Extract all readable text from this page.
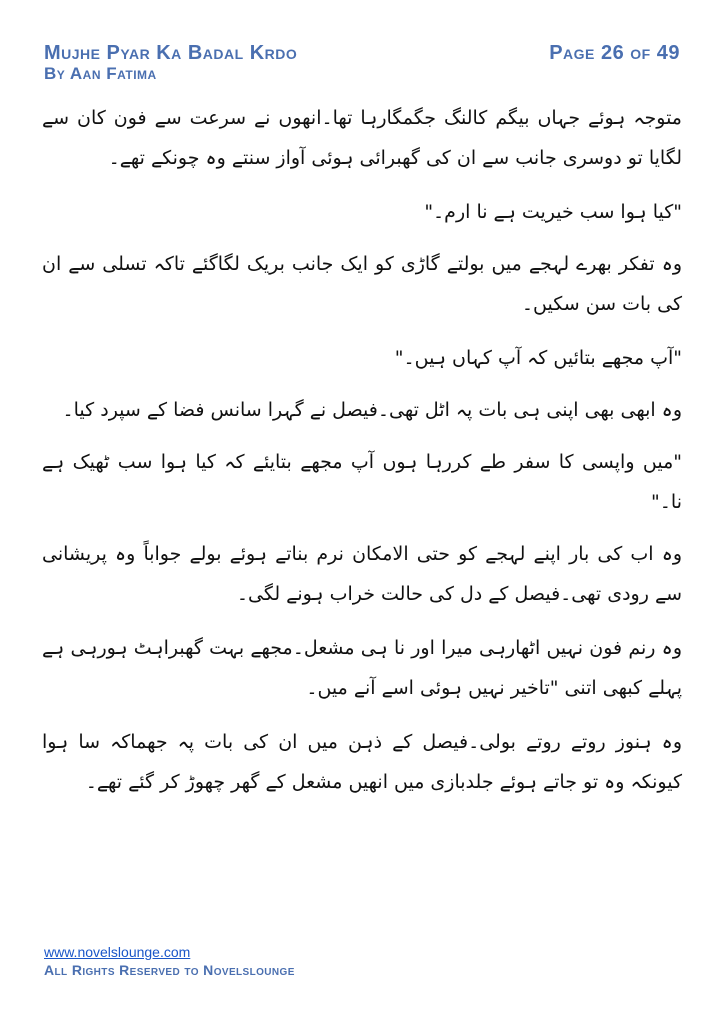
Mujhe Pyar Ka Badal Krdo
By Aan Fatima
Page 26 of 49

متوجہ ہوئے جہاں بیگم کالنگ جگمگارہا تھا۔انھوں نے سرعت سے فون کان سے لگایا تو دوسری جانب سے ان کی گھبرائی ہوئی آواز سنتے وہ چونکے تھے۔

"کیا ہوا سب خیریت ہے نا ارم۔"

وہ تفکر بھرے لہجے میں بولتے گاڑی کو ایک جانب بریک لگاگئے تاکہ تسلی سے ان کی بات سن سکیں۔

"آپ مجھے بتائیں کہ آپ کہاں ہیں۔"

وہ ابھی بھی اپنی ہی بات پہ اٹل تھی۔فیصل نے گہرا سانس فضا کے سپرد کیا۔

"میں واپسی کا سفر طے کررہا ہوں آپ مجھے بتایئے کہ کیا ہوا سب ٹھیک ہے نا۔"

وہ اب کی بار اپنے لہجے کو حتی الامکان نرم بناتے ہوئے بولے جواباً وہ پریشانی سے رودی تھی۔فیصل کے دل کی حالت خراب ہونے لگی۔

وہ رنم فون نہیں اٹھارہی میرا اور نا ہی مشعل۔مجھے بہت گھبراہٹ ہورہی ہے پہلے کبھی اتنی "تاخیر نہیں ہوئی اسے آنے میں۔

وہ ہنوز روتے روتے بولی۔فیصل کے ذہن میں ان کی بات پہ جھماکہ سا ہوا کیونکہ وہ تو جاتے ہوئے جلدبازی میں انھیں مشعل کے گھر چھوڑ کر گئے تھے۔

www.novelslounge.com
All Rights Reserved to Novelslounge
